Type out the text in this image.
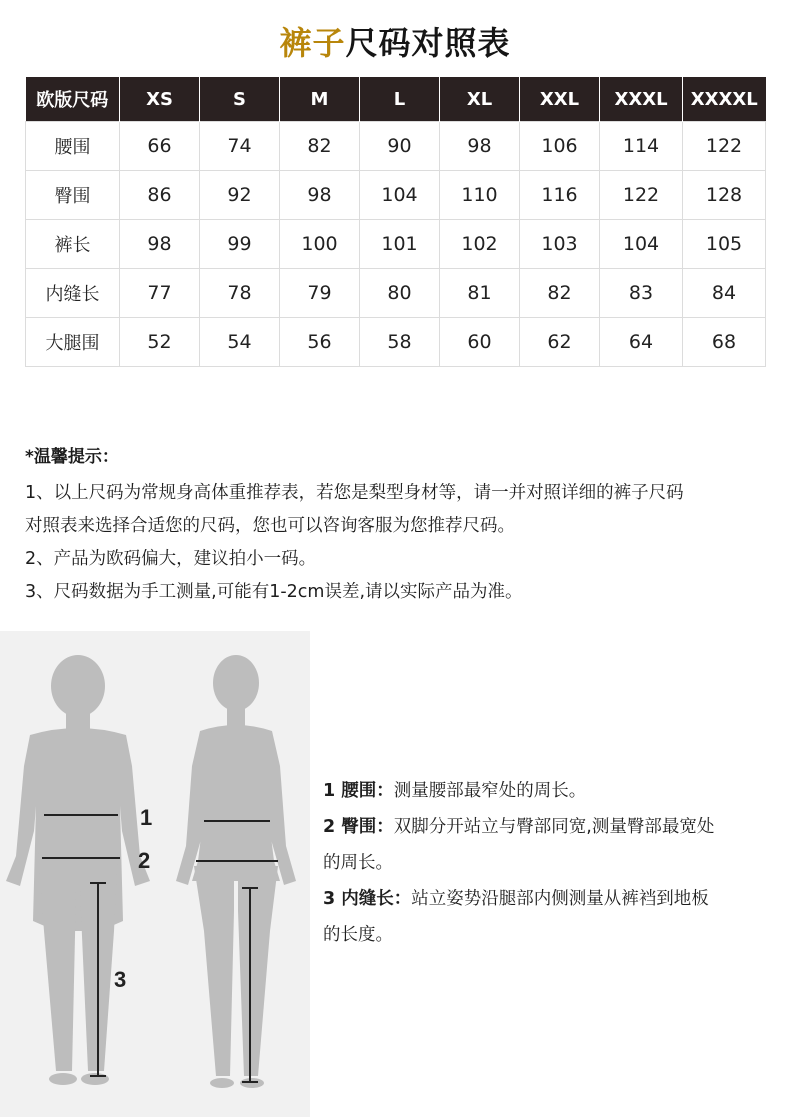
裤子尺码对照表
欧版尺码	XS	S	M	L	XL	XXL	XXXL	XXXXL
腰围	66	74	82	90	98	106	114	122
臀围	86	92	98	104	110	116	122	128
裤长	98	99	100	101	102	103	104	105
内缝长	77	78	79	80	81	82	83	84
大腿围	52	54	56	58	60	62	64	68
*温馨提示：

1、以上尺码为常规身高体重推荐表，若您是梨型身材等，请一并对照详细的裤子尺码

对照表来选择合适您的尺码，您也可以咨询客服为您推荐尺码。

2、产品为欧码偏大，建议拍小一码。

3、尺码数据为手工测量,可能有1-2cm误差,请以实际产品为准。

1
2
3

1 腰围：测量腰部最窄处的周长。

2 臀围：双脚分开站立与臀部同宽,测量臀部最宽处

的周长。

3 内缝长：站立姿势沿腿部内侧测量从裤裆到地板

的长度。
